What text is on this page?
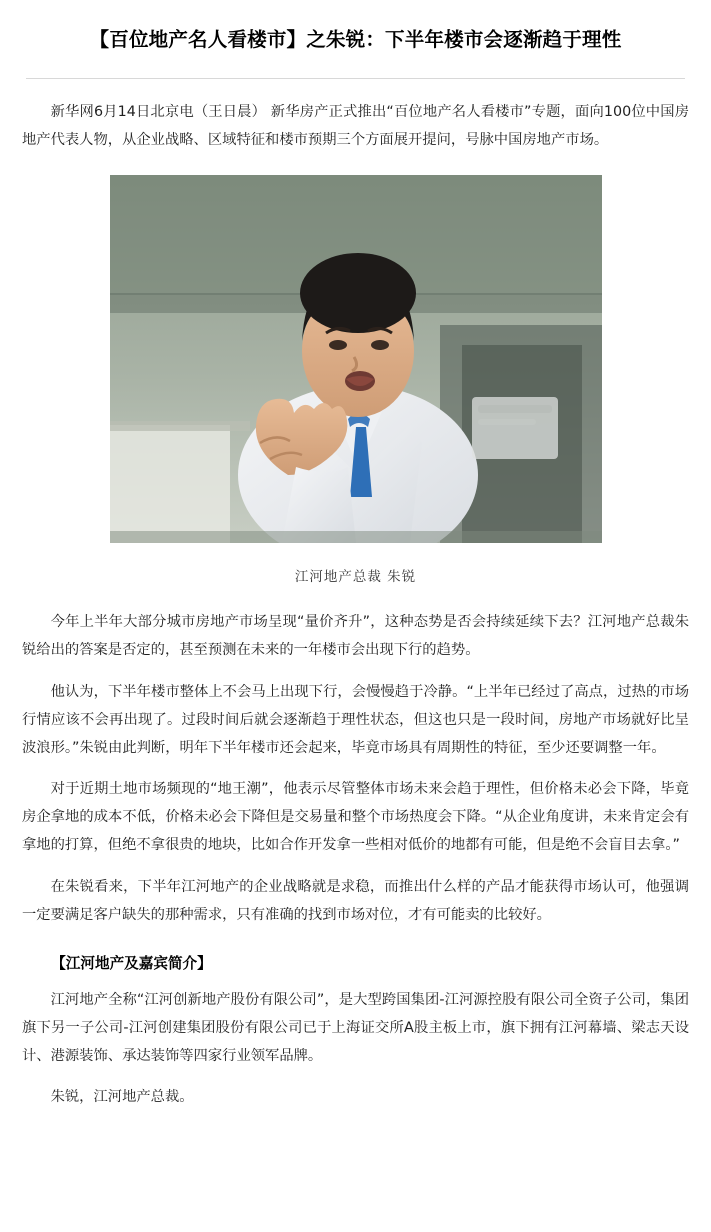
【百位地产名人看楼市】之朱锐：下半年楼市会逐渐趋于理性

新华网6月14日北京电（王日晨） 新华房产正式推出“百位地产名人看楼市”专题，面向100位中国房地产代表人物，从企业战略、区域特征和楼市预期三个方面展开提问，号脉中国房地产市场。

江河地产总裁 朱锐

今年上半年大部分城市房地产市场呈现“量价齐升”，这种态势是否会持续延续下去？江河地产总裁朱锐给出的答案是否定的，甚至预测在未来的一年楼市会出现下行的趋势。

他认为，下半年楼市整体上不会马上出现下行，会慢慢趋于冷静。“上半年已经过了高点，过热的市场行情应该不会再出现了。过段时间后就会逐渐趋于理性状态，但这也只是一段时间，房地产市场就好比呈波浪形。”朱锐由此判断，明年下半年楼市还会起来，毕竟市场具有周期性的特征，至少还要调整一年。

对于近期土地市场频现的“地王潮”，他表示尽管整体市场未来会趋于理性，但价格未必会下降，毕竟房企拿地的成本不低，价格未必会下降但是交易量和整个市场热度会下降。“从企业角度讲，未来肯定会有拿地的打算，但绝不拿很贵的地块，比如合作开发拿一些相对低价的地都有可能，但是绝不会盲目去拿。”

在朱锐看来，下半年江河地产的企业战略就是求稳，而推出什么样的产品才能获得市场认可，他强调一定要满足客户缺失的那种需求，只有准确的找到市场对位，才有可能卖的比较好。

【江河地产及嘉宾简介】

江河地产全称“江河创新地产股份有限公司”，是大型跨国集团-江河源控股有限公司全资子公司，集团旗下另一子公司-江河创建集团股份有限公司已于上海证交所A股主板上市，旗下拥有江河幕墙、梁志天设计、港源装饰、承达装饰等四家行业领军品牌。

朱锐，江河地产总裁。
